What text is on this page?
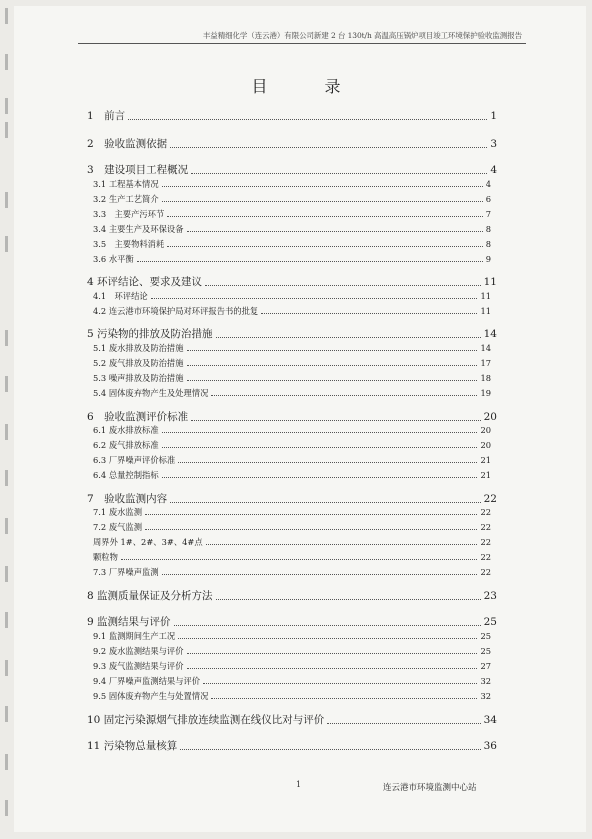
丰益精细化学（连云港）有限公司新建 2 台 130t/h 高温高压锅炉项目竣工环境保护验收监测报告
目 录
1　前言	1
2　验收监测依据	3
3　建设项目工程概况	4
3.1 工程基本情况	4
3.2 生产工艺简介	6
3.3　主要产污环节	7
3.4 主要生产及环保设备	8
3.5　主要物料消耗	8
3.6 水平衡	9
4 环评结论、要求及建议	11
4.1　环评结论	11
4.2 连云港市环境保护局对环评报告书的批复	11
5 污染物的排放及防治措施	14
5.1 废水排放及防治措施	14
5.2 废气排放及防治措施	17
5.3 噪声排放及防治措施	18
5.4 固体废弃物产生及处理情况	19
6　验收监测评价标准	20
6.1 废水排放标准	20
6.2 废气排放标准	20
6.3 厂界噪声评价标准	21
6.4 总量控制指标	21
7　验收监测内容	22
7.1 废水监测	22
7.2 废气监测	22
周界外 1#、2#、3#、4#点	22
颗粒物	22
7.3 厂界噪声监测	22
8 监测质量保证及分析方法	23
9 监测结果与评价	25
9.1 监测期间生产工况	25
9.2 废水监测结果与评价	25
9.3 废气监测结果与评价	27
9.4 厂界噪声监测结果与评价	32
9.5 固体废弃物产生与处置情况	32
10 固定污染源烟气排放连续监测在线仪比对与评价	34
11 污染物总量核算	36
1	连云港市环境监测中心站
